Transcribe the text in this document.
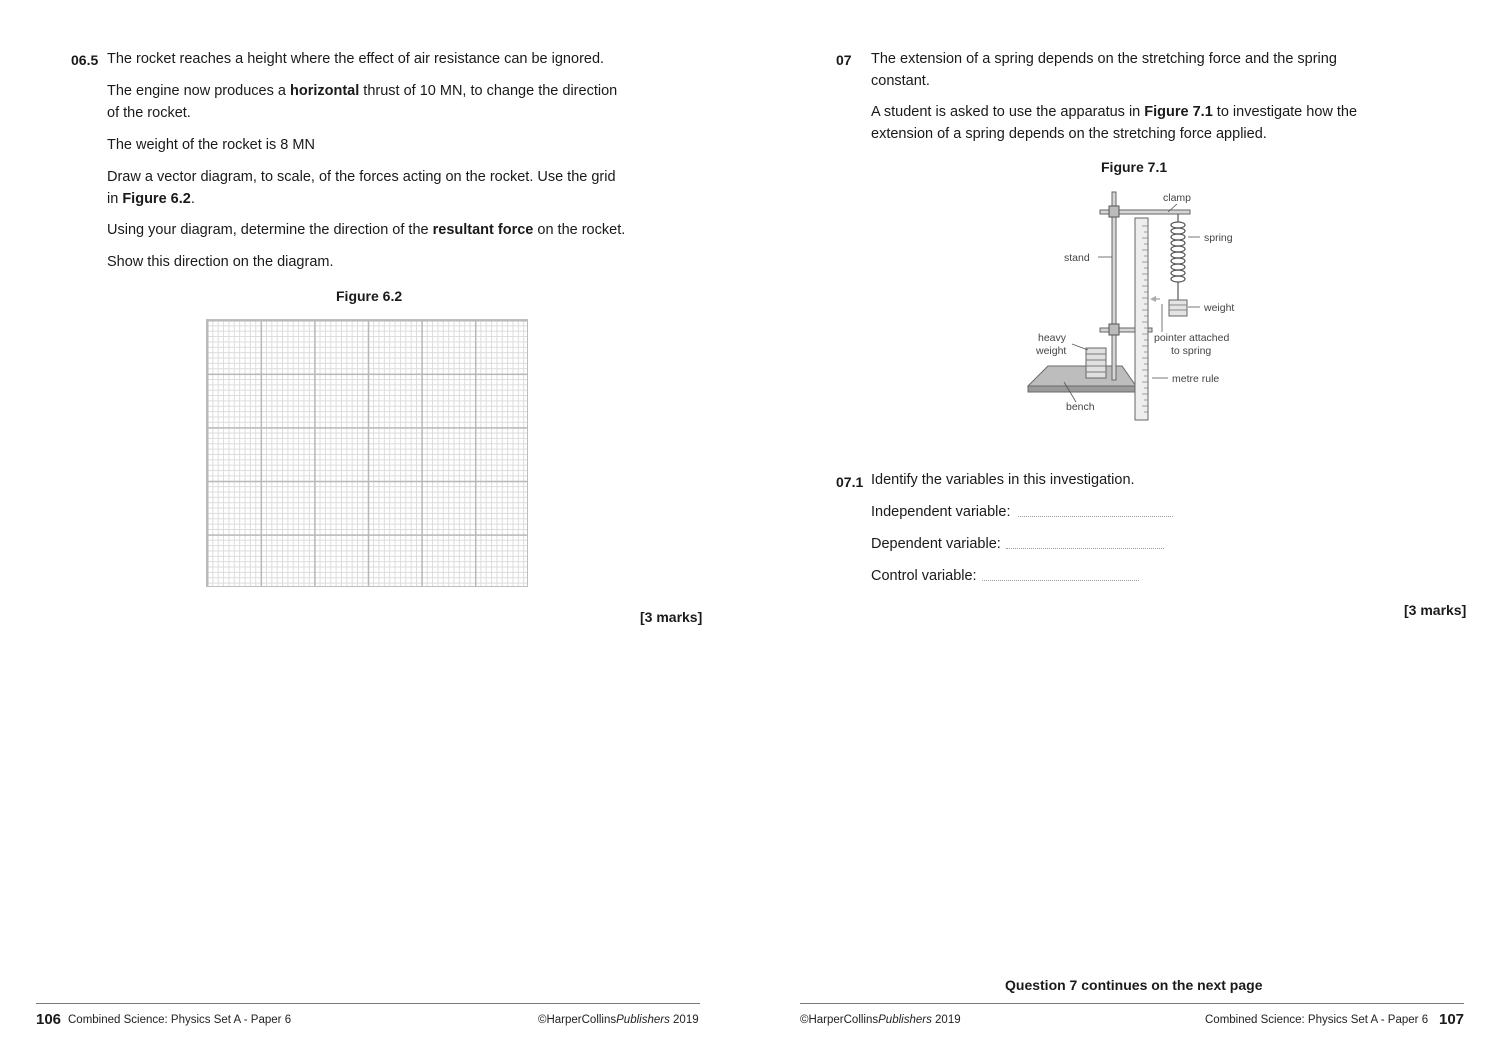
06.5 The rocket reaches a height where the effect of air resistance can be ignored.

The engine now produces a horizontal thrust of 10 MN, to change the direction
of the rocket.

The weight of the rocket is 8 MN

Draw a vector diagram, to scale, of the forces acting on the rocket. Use the grid
in Figure 6.2.

Using your diagram, determine the direction of the resultant force on the rocket.

Show this direction on the diagram.

Figure 6.2
[3 marks]
106 Combined Science: Physics Set A - Paper 6	©HarperCollinsPublishers 2019
07 The extension of a spring depends on the stretching force and the spring
constant.

A student is asked to use the apparatus in Figure 7.1 to investigate how the
extension of a spring depends on the stretching force applied.

Figure 7.1
07.1 Identify the variables in this investigation.

Independent variable:

Dependent variable:

Control variable:

[3 marks]
Question 7 continues on the next page
©HarperCollinsPublishers 2019	Combined Science: Physics Set A - Paper 6 107
clamp
spring
stand
weight
heavy
weight
pointer attached
to spring
metre rule
bench
